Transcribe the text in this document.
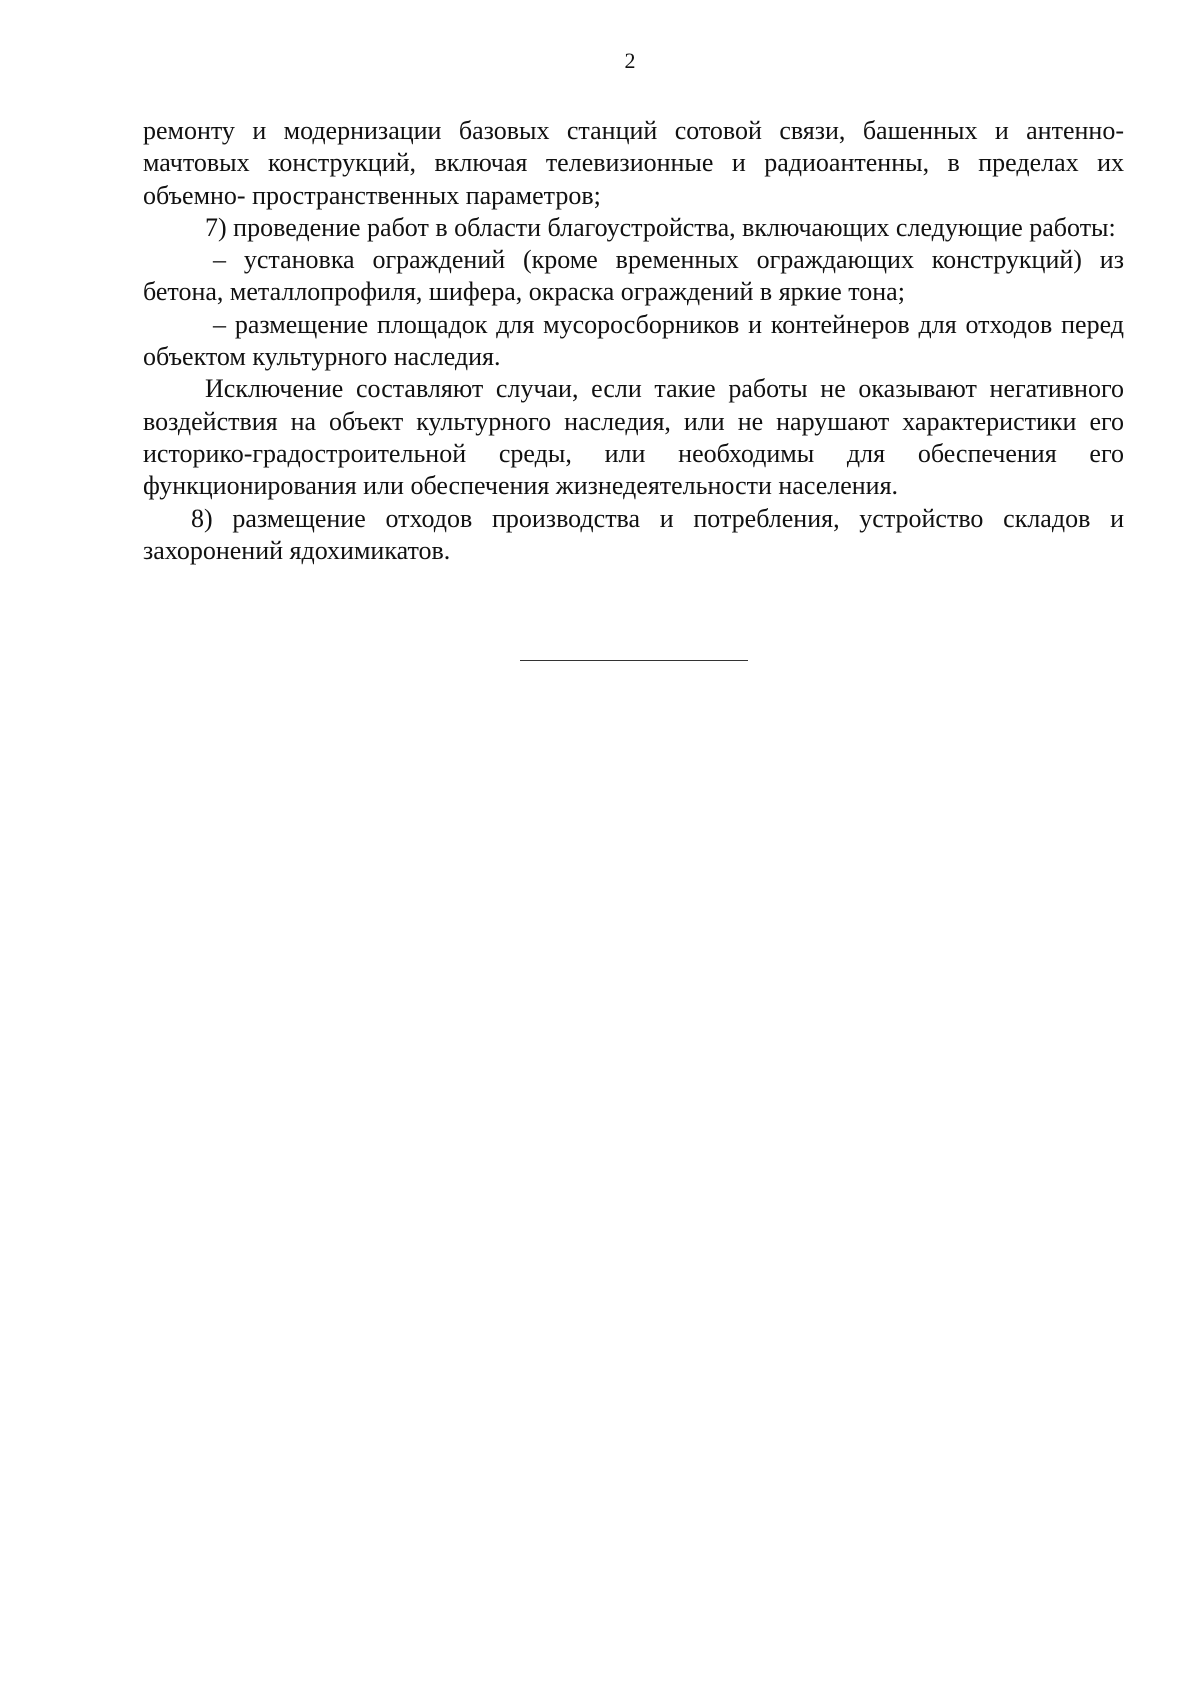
2

ремонту и модернизации базовых станций сотовой связи, башенных и антенно-мачтовых конструкций, включая телевизионные и радиоантенны, в пределах их объемно- пространственных параметров;

7) проведение работ в области благоустройства, включающих следующие работы:

– установка ограждений (кроме временных ограждающих конструкций) из бетона, металлопрофиля, шифера, окраска ограждений в яркие тона;

– размещение площадок для мусоросборников и контейнеров для отходов перед объектом культурного наследия.

Исключение составляют случаи, если такие работы не оказывают негативного воздействия на объект культурного наследия, или не нарушают характеристики его историко-градостроительной среды, или необходимы для обеспечения его функционирования или обеспечения жизнедеятельности населения.

8) размещение отходов производства и потребления, устройство складов и захоронений ядохимикатов.
